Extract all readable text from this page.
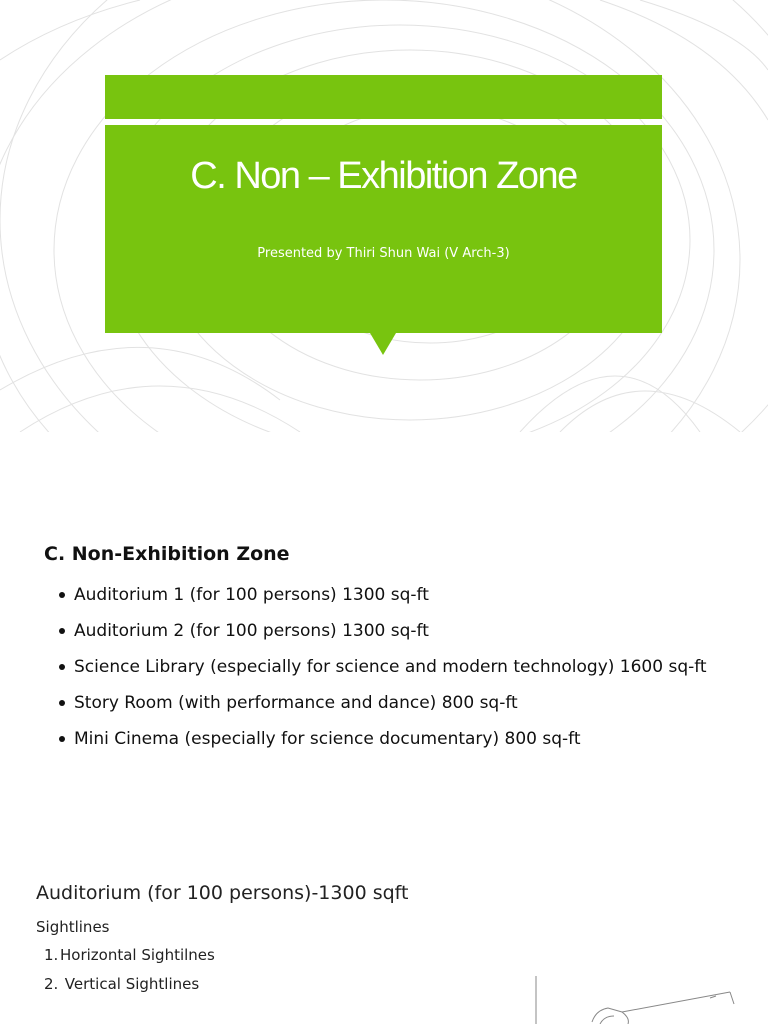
C. Non – Exhibition Zone
Presented by Thiri Shun Wai (V Arch-3)
C. Non-Exhibition Zone
Auditorium 1 (for 100 persons) 1300 sq-ft
Auditorium 2 (for 100 persons) 1300 sq-ft
Science Library (especially for science and modern technology) 1600 sq-ft
Story Room (with performance and dance) 800 sq-ft
Mini Cinema (especially for science documentary) 800 sq-ft
Auditorium (for 100 persons)-1300 sqft
Sightlines
1. Horizontal Sightilnes
2. Vertical Sightlines
